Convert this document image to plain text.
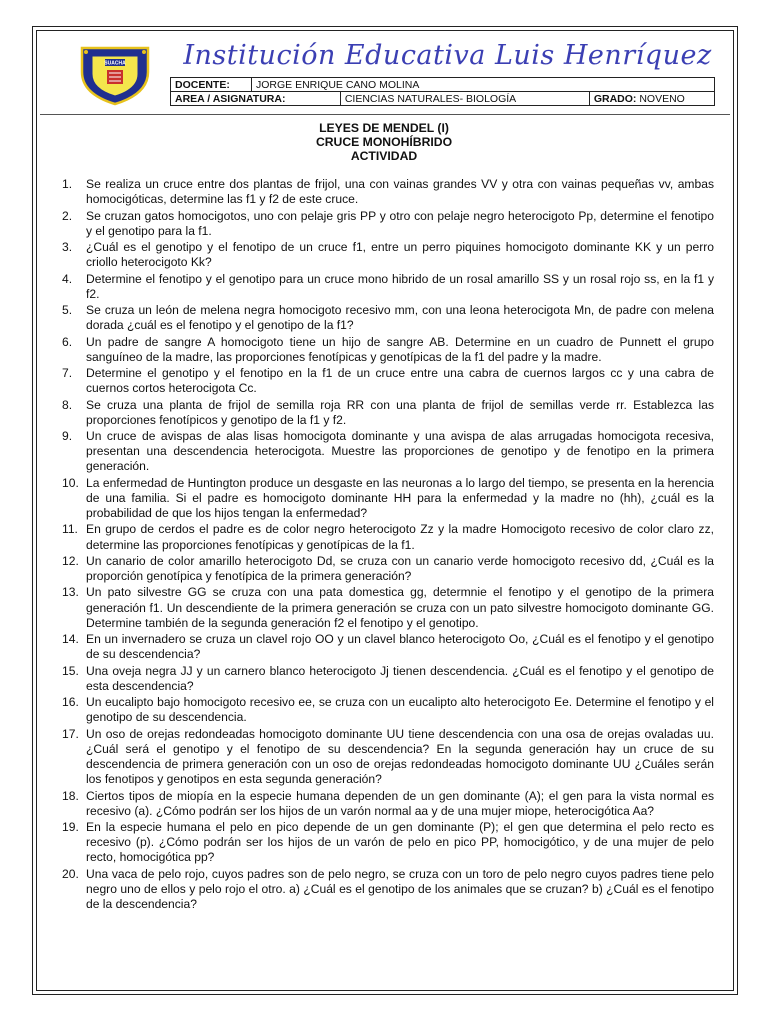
SUACHA	Institución Educativa Luis Henríquez
DOCENTE:	JORGE ENRIQUE CANO MOLINA		
AREA / ASIGNATURA:		CIENCIAS NATURALES- BIOLOGÍA	GRADO: NOVENO
LEYES DE MENDEL (I)
CRUCE MONOHÍBRIDO
ACTIVIDAD
1. Se realiza un cruce entre dos plantas de frijol, una con vainas grandes VV y otra con vainas pequeñas vv, ambas homocigóticas, determine las f1 y f2 de este cruce.
2. Se cruzan gatos homocigotos, uno con pelaje gris PP y otro con pelaje negro heterocigoto Pp, determine el fenotipo y el genotipo para la f1.
3. ¿Cuál es el genotipo y el fenotipo de un cruce f1, entre un perro piquines homocigoto dominante KK y un perro criollo heterocigoto Kk?
4. Determine el fenotipo y el genotipo para un cruce mono hibrido de un rosal amarillo SS y un rosal rojo ss, en la f1 y f2.
5. Se cruza un león de melena negra homocigoto recesivo mm, con una leona heterocigota Mn, de padre con melena dorada ¿cuál es el fenotipo y el genotipo de la f1?
6. Un padre de sangre A homocigoto tiene un hijo de sangre AB. Determine en un cuadro de Punnett el grupo sanguíneo de la madre, las proporciones fenotípicas y genotípicas de la f1 del padre y la madre.
7. Determine el genotipo y el fenotipo en la f1 de un cruce entre una cabra de cuernos largos cc y una cabra de cuernos cortos heterocigota Cc.
8. Se cruza una planta de frijol de semilla roja RR con una planta de frijol de semillas verde rr. Establezca las proporciones fenotípicos y genotipo de la f1 y f2.
9. Un cruce de avispas de alas lisas homocigota dominante y una avispa de alas arrugadas homocigota recesiva, presentan una descendencia heterocigota. Muestre las proporciones de genotipo y de fenotipo en la primera generación.
10. La enfermedad de Huntington produce un desgaste en las neuronas a lo largo del tiempo, se presenta en la herencia de una familia. Si el padre es homocigoto dominante HH para la enfermedad y la madre no (hh), ¿cuál es la probabilidad de que los hijos tengan la enfermedad?
11. En grupo de cerdos el padre es de color negro heterocigoto Zz y la madre Homocigoto recesivo de color claro zz, determine las proporciones fenotípicas y genotípicas de la f1.
12. Un canario de color amarillo heterocigoto Dd, se cruza con un canario verde homocigoto recesivo dd, ¿Cuál es la proporción genotípica y fenotípica de la primera generación?
13. Un pato silvestre GG se cruza con una pata domestica gg, determnie el fenotipo y el genotipo de la primera generación f1. Un descendiente de la primera generación se cruza con un pato silvestre homocigoto dominante GG. Determine también de la segunda generación f2 el fenotipo y el genotipo.
14. En un invernadero se cruza un clavel rojo OO y un clavel blanco heterocigoto Oo, ¿Cuál es el fenotipo y el genotipo de su descendencia?
15. Una oveja negra JJ y un carnero blanco heterocigoto Jj tienen descendencia. ¿Cuál es el fenotipo y el genotipo de esta descendencia?
16. Un eucalipto bajo homocigoto recesivo ee, se cruza con un eucalipto alto heterocigoto Ee. Determine el fenotipo y el genotipo de su descendencia.
17. Un oso de orejas redondeadas homocigoto dominante UU tiene descendencia con una osa de orejas ovaladas uu. ¿Cuál será el genotipo y el fenotipo de su descendencia? En la segunda generación hay un cruce de su descendencia de primera generación con un oso de orejas redondeadas homocigoto dominante UU ¿Cuáles serán los fenotipos y genotipos en esta segunda generación?
18. Ciertos tipos de miopía en la especie humana dependen de un gen dominante (A); el gen para la vista normal es recesivo (a). ¿Cómo podrán ser los hijos de un varón normal aa y de una mujer miope, heterocigótica Aa?
19. En la especie humana el pelo en pico depende de un gen dominante (P); el gen que determina el pelo recto es recesivo (p). ¿Cómo podrán ser los hijos de un varón de pelo en pico PP, homocigótico, y de una mujer de pelo recto, homocigótica pp?
20. Una vaca de pelo rojo, cuyos padres son de pelo negro, se cruza con un toro de pelo negro cuyos padres tiene pelo negro uno de ellos y pelo rojo el otro. a) ¿Cuál es el genotipo de los animales que se cruzan? b) ¿Cuál es el fenotipo de la descendencia?
